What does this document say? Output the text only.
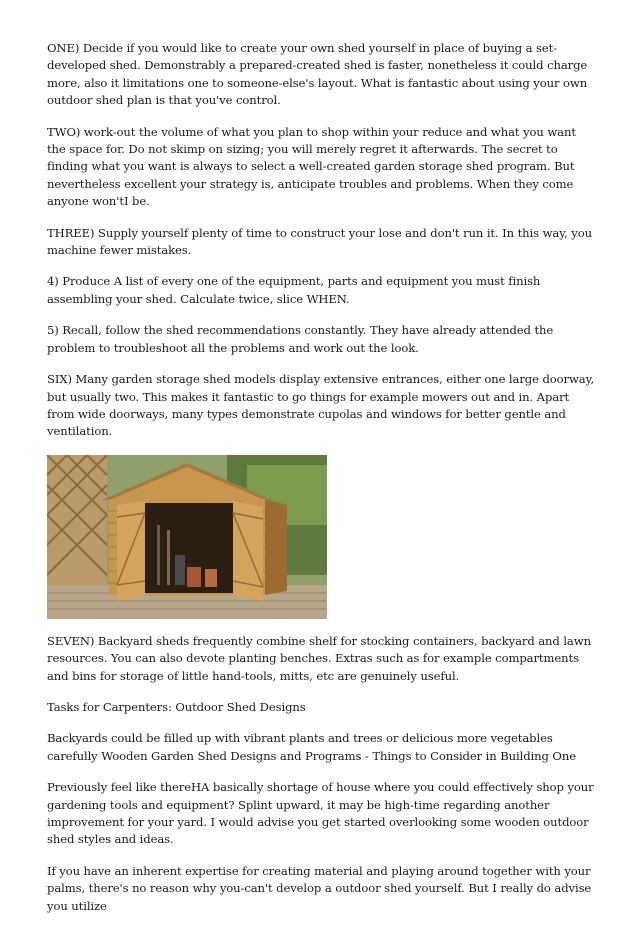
ONE) Decide if you would like to create your own shed yourself in place of buying a set-developed shed. Demonstrably a prepared-created shed is faster, nonetheless it could charge more, also it limitations one to someone-else's layout. What is fantastic about using your own outdoor shed plan is that you've control.

TWO) work-out the volume of what you plan to shop within your reduce and what you want the space for. Do not skimp on sizing; you will merely regret it afterwards. The secret to finding what you want is always to select a well-created garden storage shed program. But nevertheless excellent your strategy is, anticipate troubles and problems. When they come anyone won'tI be.

THREE) Supply yourself plenty of time to construct your lose and don't run it. In this way, you machine fewer mistakes.

4) Produce A list of every one of the equipment, parts and equipment you must finish assembling your shed. Calculate twice, slice WHEN.

5) Recall, follow the shed recommendations constantly. They have already attended the problem to troubleshoot all the problems and work out the look.

SIX) Many garden storage shed models display extensive entrances, either one large doorway, but usually two. This makes it fantastic to go things for example mowers out and in. Apart from wide doorways, many types demonstrate cupolas and windows for better gentle and ventilation.

SEVEN) Backyard sheds frequently combine shelf for stocking containers, backyard and lawn resources. You can also devote planting benches. Extras such as for example compartments and bins for storage of little hand-tools, mitts, etc are genuinely useful.

Tasks for Carpenters: Outdoor Shed Designs

Backyards could be filled up with vibrant plants and trees or delicious more vegetables carefully Wooden Garden Shed Designs and Programs - Things to Consider in Building One

Previously feel like thereHA basically shortage of house where you could effectively shop your gardening tools and equipment? Splint upward, it may be high-time regarding another improvement for your yard. I would advise you get started overlooking some wooden outdoor shed styles and ideas.

If you have an inherent expertise for creating material and playing around together with your palms, there's no reason why you-can't develop a outdoor shed yourself. But I really do advise you utilize
